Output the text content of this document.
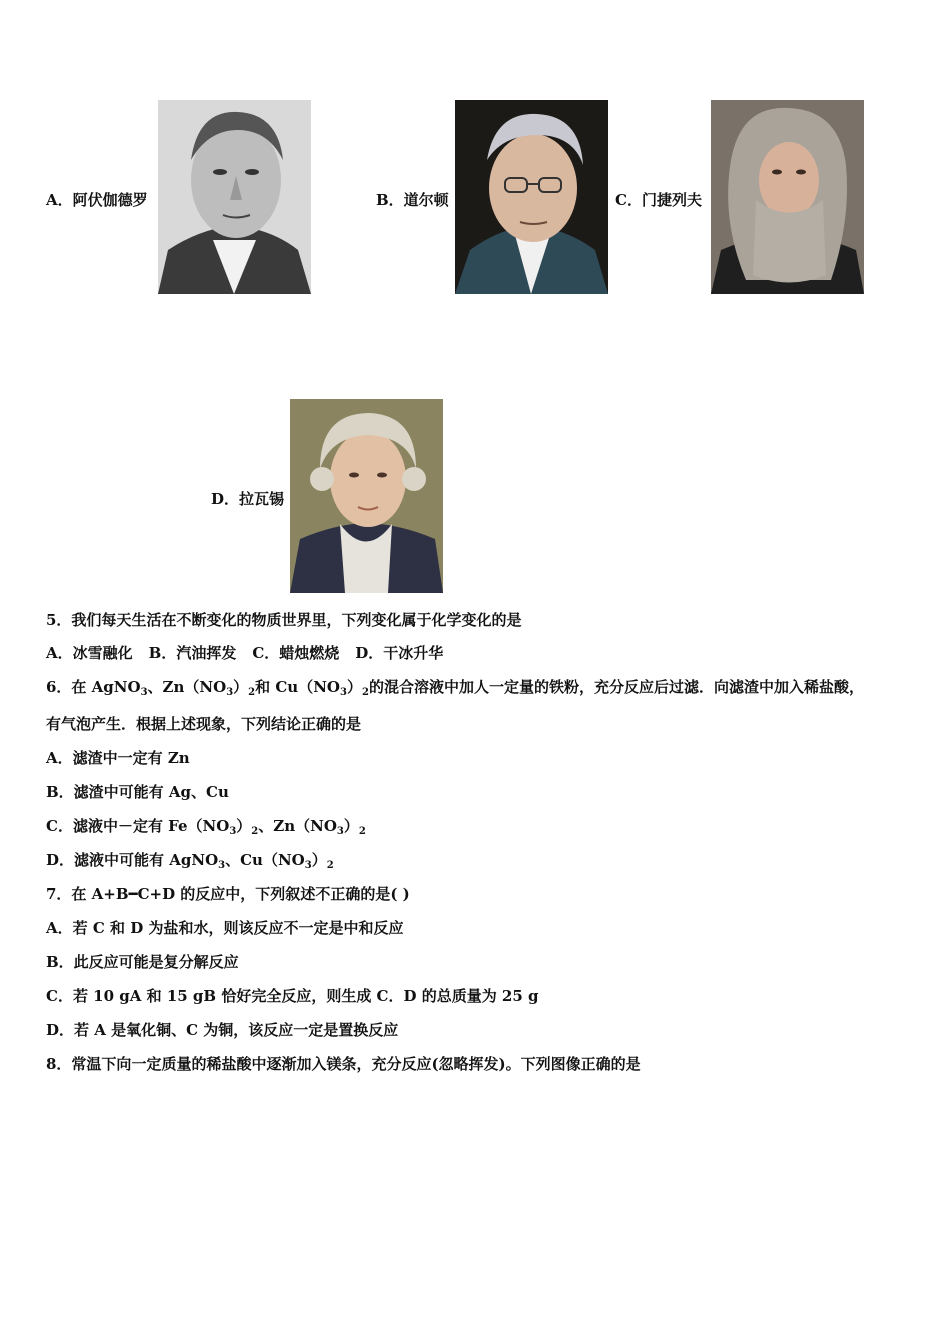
A．阿伏伽德罗	B．道尔顿	C．门捷列夫
D．拉瓦锡
5．我们每天生活在不断变化的物质世界里，下列变化属于化学变化的是
A．冰雪融化 B．汽油挥发 C．蜡烛燃烧 D．干冰升华
6．在 AgNO$_3$、$Zn(NO_3)_2$和 $Cu(NO_3)_2$的混合溶液中加人一定量的铁粉，充分反应后过滤．向滤渣中加入稀盐酸，
有气泡产生．根据上述现象，下列结论正确的是
A．滤渣中一定有 Zn
B．滤渣中可能有 Ag、Cu
C．滤液中－定有 $Fe(NO_3)_2$、$Zn(NO_3)_2$
D．滤液中可能有 AgNO$_3$、$Cu(NO_3)_2$
7．在 A+B━C+D 的反应中，下列叙述不正确的是( )
A．若 C 和 D 为盐和水，则该反应不一定是中和反应
B．此反应可能是复分解反应
C．若 10 gA 和 15 gB 恰好完全反应，则生成 C．D 的总质量为 25 g
D．若 A 是氧化铜、C 为铜，该反应一定是置换反应
8．常温下向一定质量的稀盐酸中逐渐加入镁条，充分反应(忽略挥发)。下列图像正确的是
